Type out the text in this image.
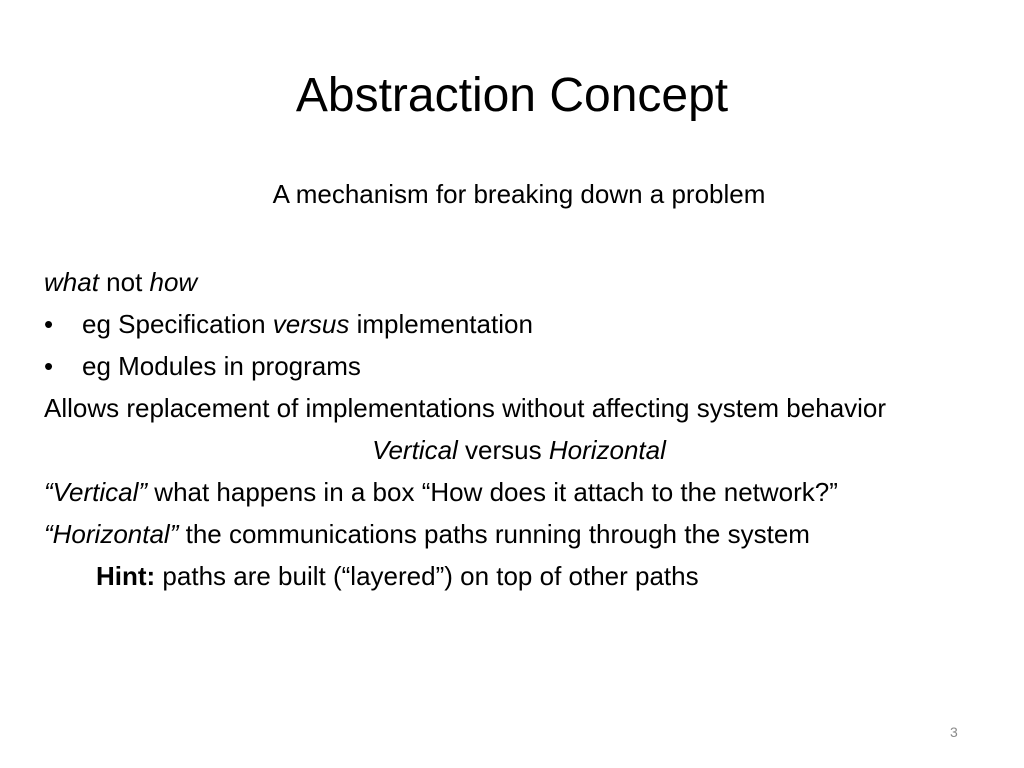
Abstraction Concept

A mechanism for breaking down a problem

what not how

•	eg Specification versus implementation
•	eg Modules in programs

Allows replacement of implementations without affecting system behavior

Vertical versus Horizontal

“Vertical” what happens in a box “How does it attach to the network?”

“Horizontal” the communications paths running through the system

Hint: paths are built (“layered”) on top of other paths

3
